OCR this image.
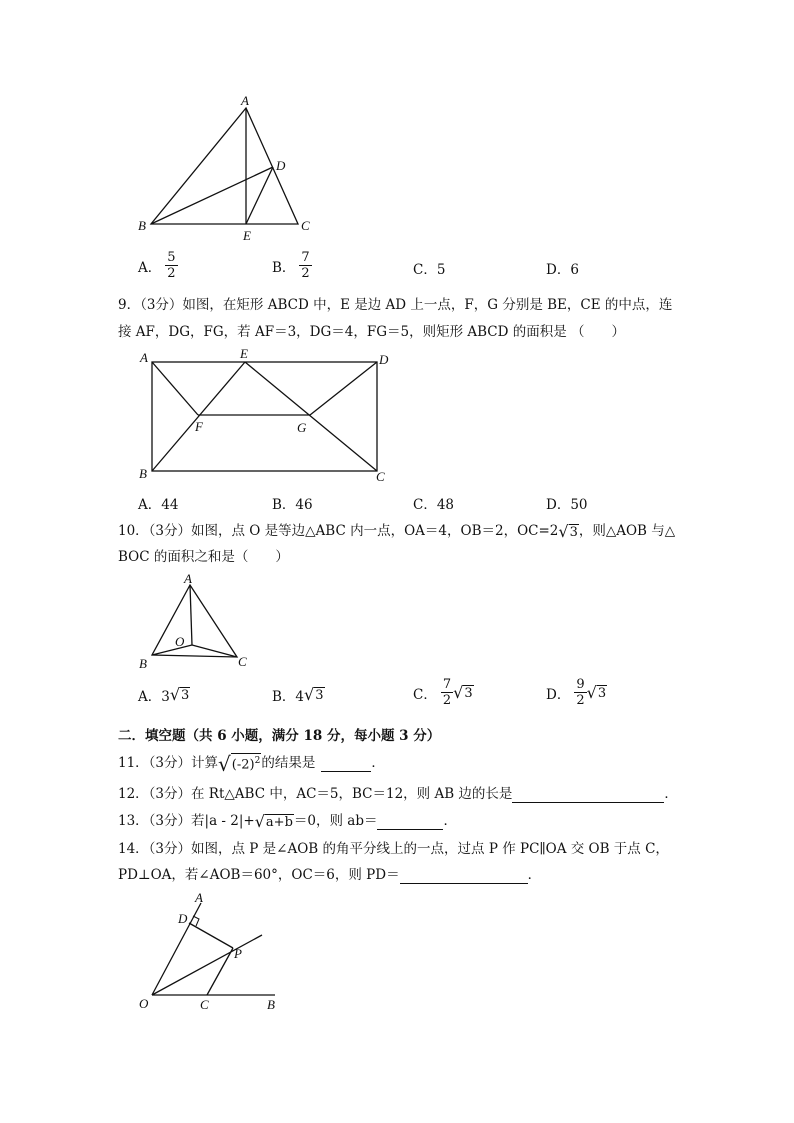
A
B	C
D
E
A． $\frac{5}{2}$	B． $\frac{7}{2}$	C．5	D．6
9．（3分）如图，在矩形 ABCD 中，E 是边 AD 上一点，F，G 分别是 BE，CE 的中点，连
接 AF，DG，FG，若 AF＝3，DG＝4，FG＝5，则矩形 ABCD 的面积是 （　　）
A	E	D
F	G
B	C
A．44	B．46	C．48	D．50
10．（3分）如图，点 O 是等边△ABC 内一点，OA＝4，OB＝2，OC=2 √ 3 ，则△AOB 与△
BOC 的面积之和是（　　）
A
O
B	C
A．3 √ 3	B．4 √ 3	C． $\frac{7}{2}$ √ 3	D． $\frac{9}{2}$ √ 3
二．填空题（共 6 小题，满分 18 分，每小题 3 分）
11．（3分）计算 √ $(-2)^2$ 的结果是	．
12．（3分）在 Rt△ABC 中，AC＝5，BC＝12，则 AB 边的长是	．
13．（3分）若|a - 2|+ √ a+b ＝0，则 ab＝	．
14．（3分）如图，点 P 是∠AOB 的角平分线上的一点，过点 P 作 PC∥OA 交 OB 于点 C，
PD⊥OA，若∠AOB＝60°，OC＝6，则 PD＝	．
A
D
P
O	C	B
